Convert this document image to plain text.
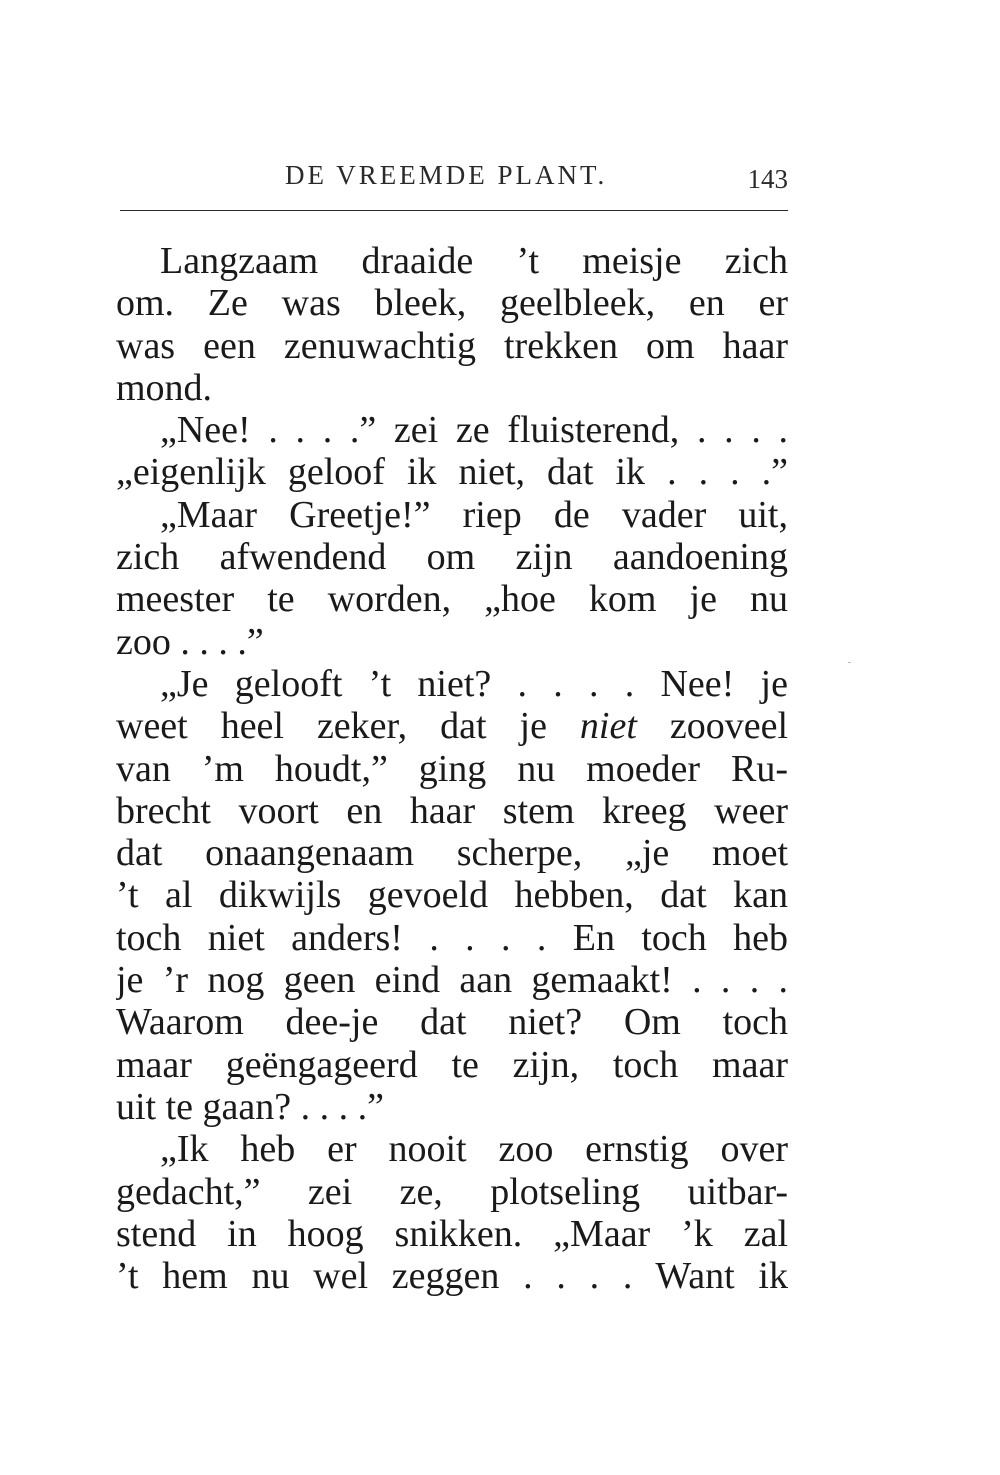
DE VREEMDE PLANT.	143
Langzaam draaide ’t meisje zich
om. Ze was bleek, geelbleek, en er
was een zenuwachtig trekken om haar
mond.
„Nee! . . . .” zei ze fluisterend, . . . .
„eigenlijk geloof ik niet, dat ik . . . .”
„Maar Greetje!” riep de vader uit,
zich afwendend om zijn aandoening
meester te worden, „hoe kom je nu
zoo . . . .”
„Je gelooft ’t niet? . . . . Nee! je
weet heel zeker, dat je niet zooveel
van ’m houdt,” ging nu moeder Ru-
brecht voort en haar stem kreeg weer
dat onaangenaam scherpe, „je moet
’t al dikwijls gevoeld hebben, dat kan
toch niet anders! . . . . En toch heb
je ’r nog geen eind aan gemaakt! . . . .
Waarom dee-je dat niet? Om toch
maar geëngageerd te zijn, toch maar
uit te gaan? . . . .”
„Ik heb er nooit zoo ernstig over
gedacht,” zei ze, plotseling uitbar-
stend in hoog snikken. „Maar ’k zal
’t hem nu wel zeggen . . . . Want ik
